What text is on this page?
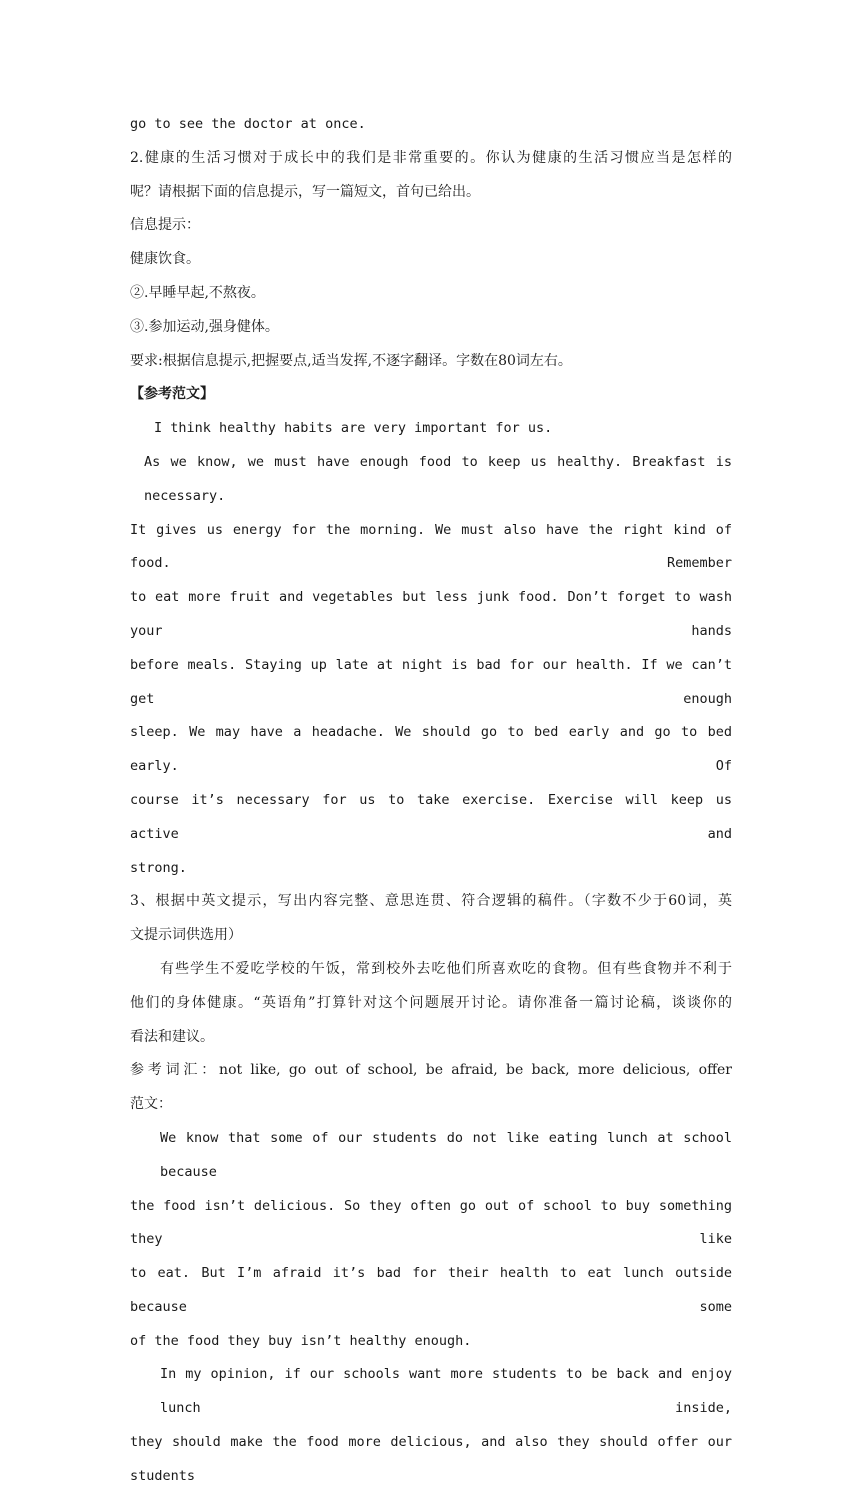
go to see the doctor at once.

2.健康的生活习惯对于成长中的我们是非常重要的。你认为健康的生活习惯应当是怎样的

呢？请根据下面的信息提示，写一篇短文，首句已给出。

信息提示：

健康饮食。

②.早睡早起,不熬夜。

③.参加运动,强身健体。

要求:根据信息提示,把握要点,适当发挥,不逐字翻译。字数在80词左右。

【参考范文】

I think healthy habits are very important for us.

As we know, we must have enough food to keep us healthy. Breakfast is necessary.

It gives us energy for the morning. We must also have the right kind of food. Remember

to eat more fruit and vegetables but less junk food. Don’t forget to wash your hands

before meals. Staying up late at night is bad for our health. If we can’t get enough

sleep. We may have a headache. We should go to bed early and go to bed early. Of

course it’s necessary for us to take exercise. Exercise will keep us active and

strong.

3、根据中英文提示，写出内容完整、意思连贯、符合逻辑的稿件。（字数不少于60词，英

文提示词供选用）

有些学生不爱吃学校的午饭，常到校外去吃他们所喜欢吃的食物。但有些食物并不利于

他们的身体健康。“英语角”打算针对这个问题展开讨论。请你准备一篇讨论稿，谈谈你的

看法和建议。

参考词汇：not like, go out of school, be afraid, be back, more delicious, offer

范文：

We know that some of our students do not like eating lunch at school because

the food isn’t delicious. So they often go out of school to buy something they like

to eat. But I’m afraid it’s bad for their health to eat lunch outside because some

of the food they buy isn’t healthy enough.

In my opinion, if our schools want more students to be back and enjoy lunch inside,

they should make the food more delicious, and also they should offer our students
